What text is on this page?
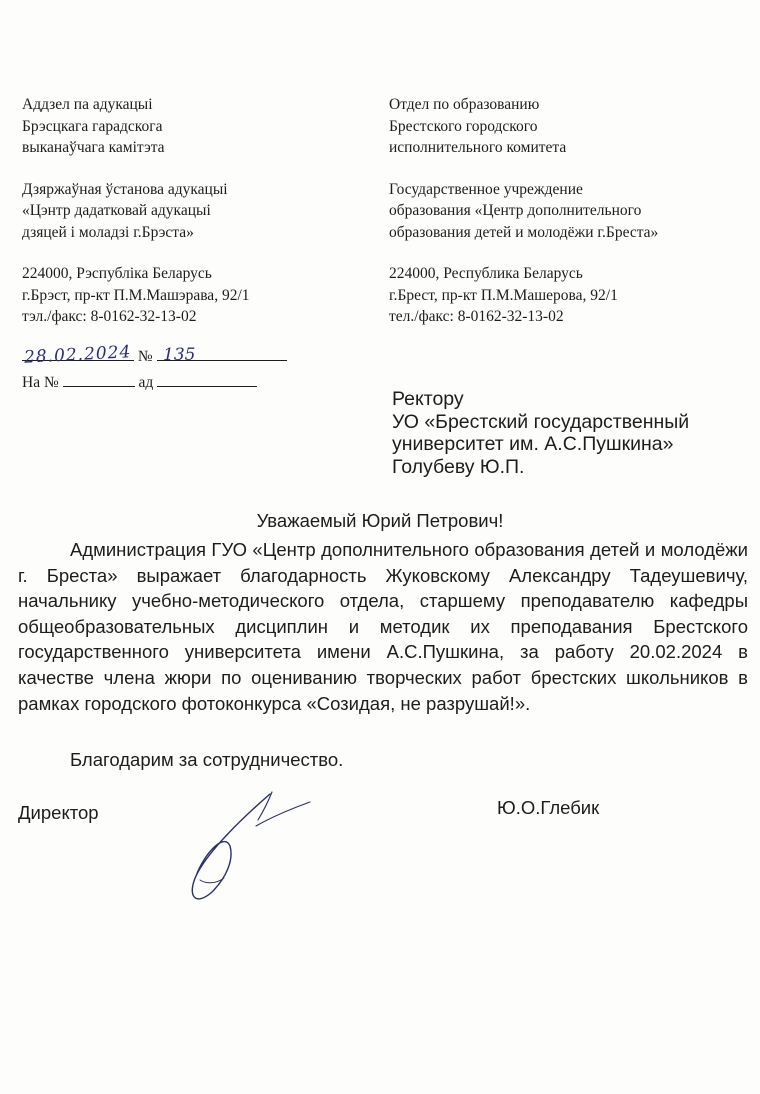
Аддзел па адукацыі
Брэсцкага гарадскога
выканаўчага камітэта
Дзяржаўная ўстанова адукацыі
«Цэнтр дадатковай адукацыі
дзяцей і моладзі г.Брэста»
224000, Рэспубліка Беларусь
г.Брэст, пр-кт П.М.Машэрава, 92/1
тэл./факс: 8-0162-32-13-02
Отдел по образованию
Брестского городского
исполнительного комитета
Государственное учреждение
образования «Центр дополнительного
образования детей и молодёжи г.Бреста»
224000, Республика Беларусь
г.Брест, пр-кт П.М.Машерова, 92/1
тел./факс: 8-0162-32-13-02
№
28.02.2024 135
На №	ад
Ректору
УО «Брестский государственный
университет им. А.С.Пушкина»
Голубеву Ю.П.
Уважаемый Юрий Петрович!

Администрация ГУО «Центр дополнительного образования детей и молодёжи г. Бреста» выражает благодарность Жуковскому Александру Тадеушевичу, начальнику учебно-методического отдела, старшему преподавателю кафедры общеобразовательных дисциплин и методик их преподавания Брестского государственного университета имени А.С.Пушкина, за работу 20.02.2024 в качестве члена жюри по оцениванию творческих работ брестских школьников в рамках городского фотоконкурса «Созидая, не разрушай!».

Благодарим за сотрудничество.
Директор	Ю.О.Глебик
